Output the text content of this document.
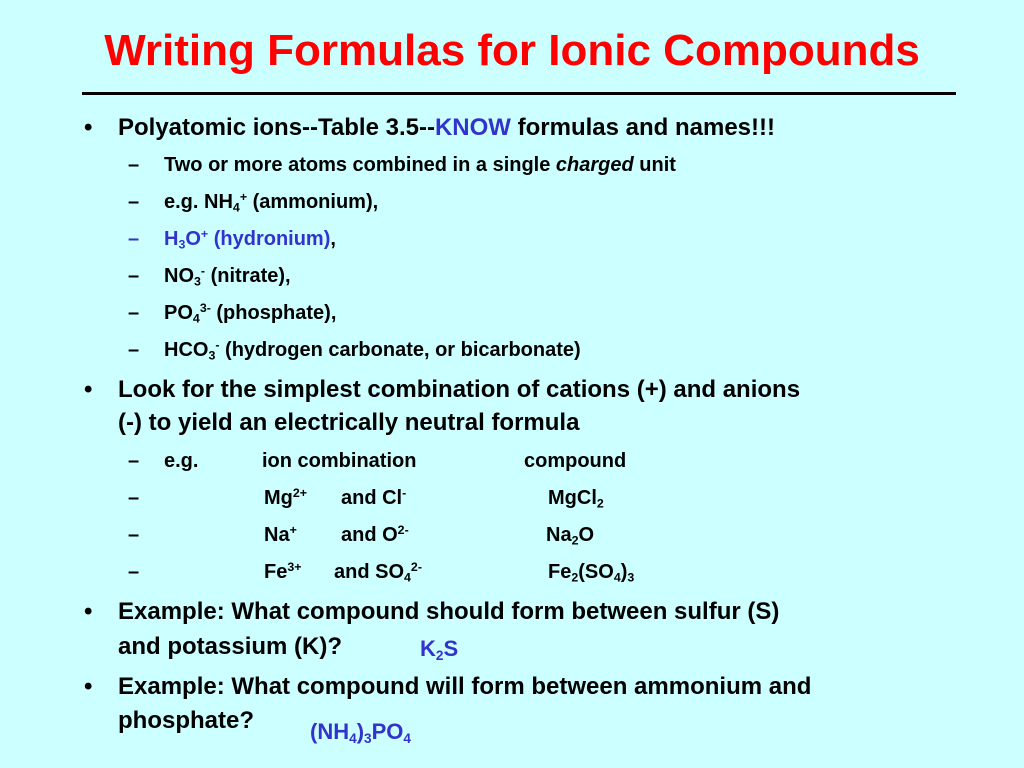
Writing Formulas for Ionic Compounds
• Polyatomic ions--Table 3.5--KNOW formulas and names!!!
– Two or more atoms combined in a single charged unit
– e.g. $NH_4^+$ (ammonium),
– $H_3O^+$ (hydronium),
– $NO_3^-$ (nitrate),
– $PO_4^{3-}$ (phosphate),
– $HCO_3^-$ (hydrogen carbonate, or bicarbonate)
• Look for the simplest combination of cations (+) and anions
(-) to yield an electrically neutral formula
– e.g.	ion combination	compound
–	$Mg^{2+}$ and Cl-	MgCl$_2$
–	Na+ and $O^{2-}$	$Na_2O$
–	$Fe^{3+}$ and $SO_4^{2-}$	$Fe_2(SO_4)_3$
• Example: What compound should form between sulfur (S)
and potassium (K)?	$K_2S$
• Example: What compound will form between ammonium and
phosphate?	$(NH_4)_3PO_4$
